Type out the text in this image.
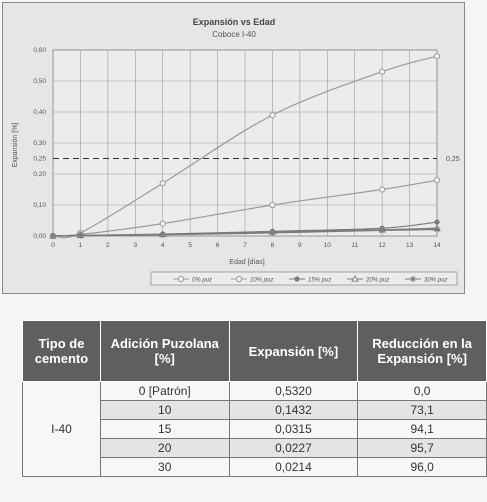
0	1	2	3	4	5	6	7	8	9	10	11	12	13	14
0,00
0,10
0,20
0,25
0,30
0,40
0,50
0,60
Expansión vs Edad
Coboce I-40
Edad [días]
Expansión [%]	0,25
0% puz	10% puz	15% puz	20% puz	30% puz
Tipo de cemento	Adición Puzolana [%]	Expansión [%]	Reducción en la Expansión [%]
I-40	0 [Patrón]	0,5320	0,0
	10	0,1432	73,1
	15	0,0315	94,1
	20	0,0227	95,7
	30	0,0214	96,0
